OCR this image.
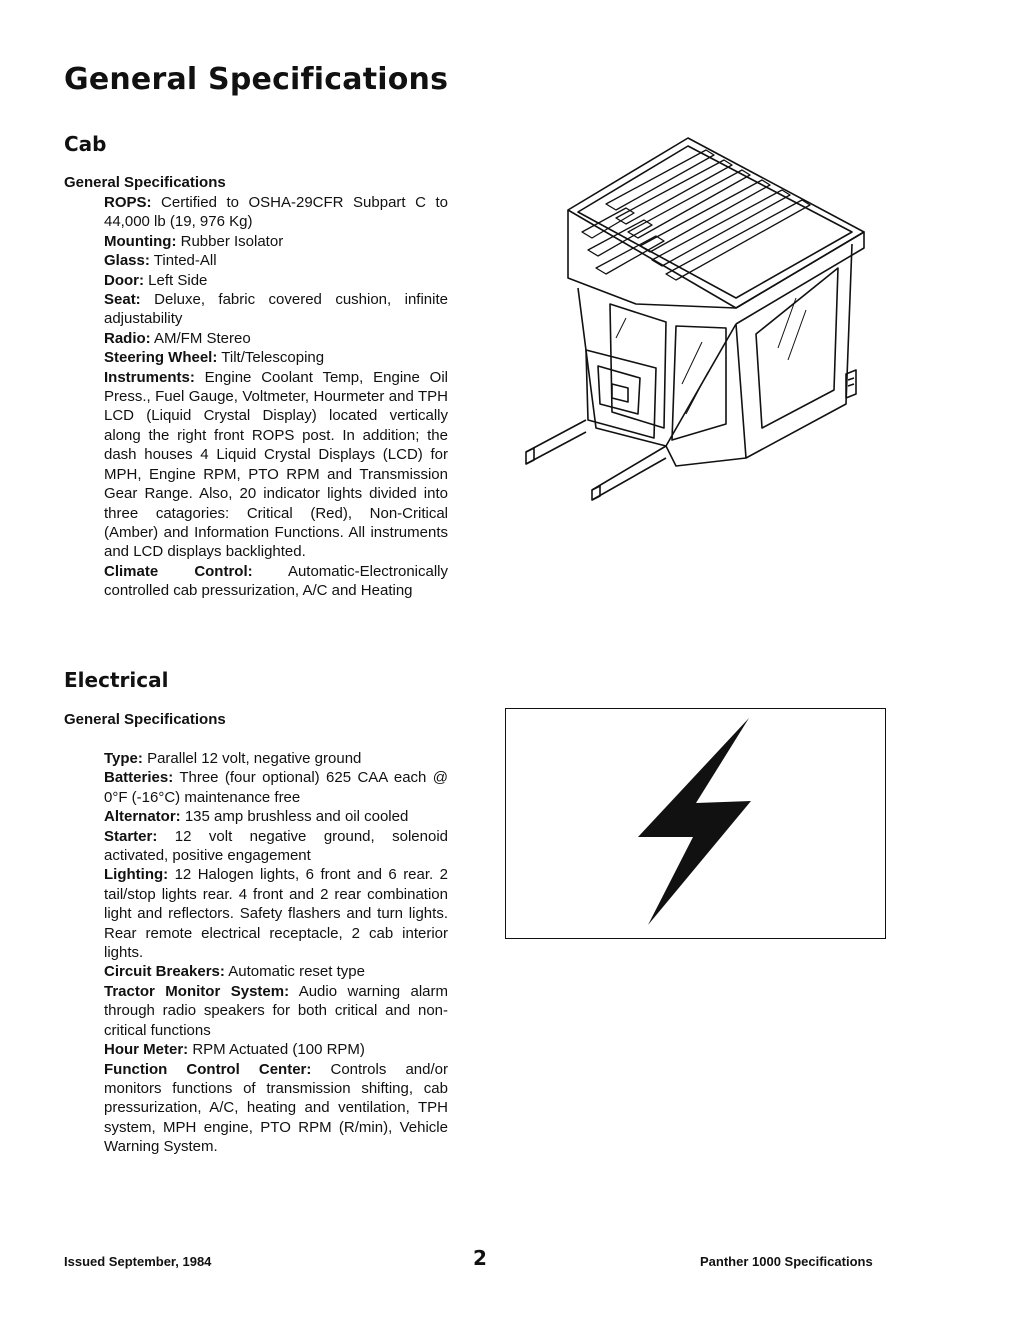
General Specifications
Cab
General Specifications
ROPS: Certified to OSHA-29CFR Subpart C to 44,000 lb (19, 976 Kg)
Mounting: Rubber Isolator
Glass: Tinted-All
Door: Left Side
Seat: Deluxe, fabric covered cushion, infinite adjustability
Radio: AM/FM Stereo
Steering Wheel: Tilt/Telescoping
Instruments: Engine Coolant Temp, Engine Oil Press., Fuel Gauge, Voltmeter, Hourmeter and TPH LCD (Liquid Crystal Display) located vertically along the right front ROPS post. In addition; the dash houses 4 Liquid Crystal Displays (LCD) for MPH, Engine RPM, PTO RPM and Transmission Gear Range. Also, 20 indicator lights divided into three catagories: Critical (Red), Non-Critical (Amber) and Information Functions. All instruments and LCD displays backlighted.
Climate Control: Automatic-Electronically controlled cab pressurization, A/C and Heating
Electrical
General Specifications
Type: Parallel 12 volt, negative ground
Batteries: Three (four optional) 625 CAA each @ 0°F (-16°C) maintenance free
Alternator: 135 amp brushless and oil cooled
Starter: 12 volt negative ground, solenoid activated, positive engagement
Lighting: 12 Halogen lights, 6 front and 6 rear. 2 tail/stop lights rear. 4 front and 2 rear combination light and reflectors. Safety flashers and turn lights. Rear remote electrical receptacle, 2 cab interior lights.
Circuit Breakers: Automatic reset type
Tractor Monitor System: Audio warning alarm through radio speakers for both critical and non-critical functions
Hour Meter: RPM Actuated (100 RPM)
Function Control Center: Controls and/or monitors functions of transmission shifting, cab pressurization, A/C, heating and ventilation, TPH system, MPH engine, PTO RPM (R/min), Vehicle Warning System.

Issued September, 1984	2	Panther 1000 Specifications
